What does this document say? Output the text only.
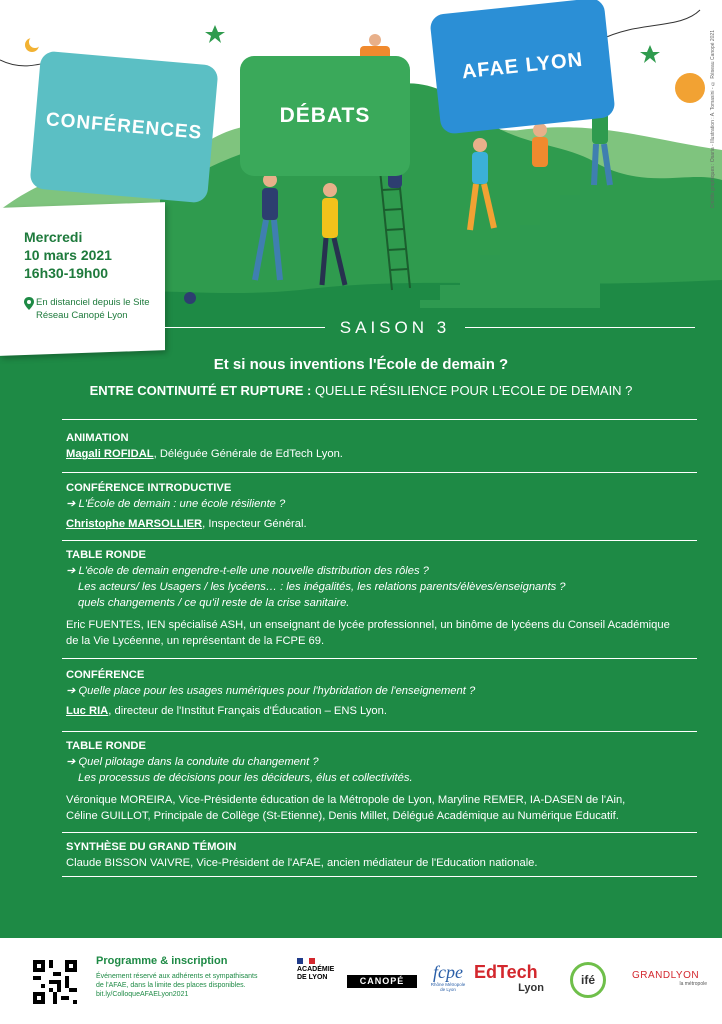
CONFÉRENCES	DÉBATS
AFAE LYON	Crédits graphiques : Osaria - Illustration : A. Tomasini - © Réseau Canopé 2021
Mercredi
10 mars 2021
16h30-19h00
En distanciel depuis le Site
Réseau Canopé Lyon
SAISON 3
Et si nous inventions l'École de demain ?
ENTRE CONTINUITÉ ET RUPTURE : QUELLE RÉSILIENCE POUR L'ECOLE DE DEMAIN ?
ANIMATION
Magali ROFIDAL, Déléguée Générale de EdTech Lyon.
CONFÉRENCE INTRODUCTIVE
➔ L'École de demain : une école résiliente ?
Christophe MARSOLLIER, Inspecteur Général.
TABLE RONDE
➔ L'école de demain engendre-t-elle une nouvelle distribution des rôles ?
Les acteurs/ les Usagers / les lycéens… : les inégalités, les relations parents/élèves/enseignants ?
quels changements / ce qu'il reste de la crise sanitaire.
Eric FUENTES, IEN spécialisé ASH, un enseignant de lycée professionnel, un binôme de lycéens du Conseil Académique
de la Vie Lycéenne, un représentant de la FCPE 69.
CONFÉRENCE
➔ Quelle place pour les usages numériques pour l'hybridation de l'enseignement ?
Luc RIA, directeur de l'Institut Français d'Éducation – ENS Lyon.
TABLE RONDE
➔ Quel pilotage dans la conduite du changement ?
Les processus de décisions pour les décideurs, élus et collectivités.
Véronique MOREIRA, Vice-Présidente éducation de la Métropole de Lyon, Maryline REMER, IA-DASEN de l'Ain,
Céline GUILLOT, Principale de Collège (St-Etienne), Denis Millet, Délégué Académique au Numérique Educatif.
SYNTHÈSE DU GRAND TÉMOIN
Claude BISSON VAIVRE, Vice-Président de l'AFAE, ancien médiateur de l'Education nationale.
Programme & inscription
Événement réservé aux adhérents et sympathisants
de l'AFAE, dans la limite des places disponibles.
bit.ly/ColloqueAFAELyon2021
ACADÉMIE
DE LYON	CANOPÉ	fcpe
Rhône Métropole de Lyon
EdTech
Lyon
ifé	GRANDLYON
la métropole
